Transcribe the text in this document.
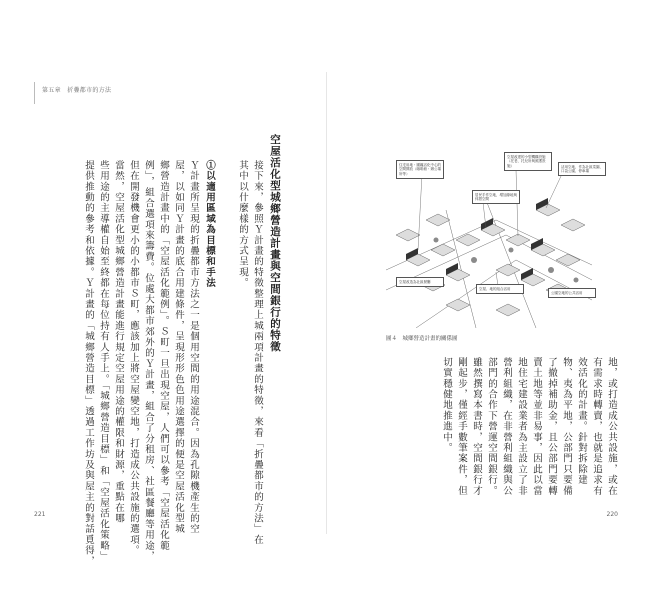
第五章　折疊都市的方法
空屋活化型城鄉營造計畫與空間銀行的特徵
接下來，參照Ｙ計畫的特徵整理上城兩項計畫的特徵，來看「折疊都市的方法」在
其中以什麼樣的方式呈現。
①以適用區域為目標和手法
Ｙ計畫所呈現的折疊都市方法之一是個用空間的用途混合。因為孔隙機產生的空
屋，以如同Ｙ計畫的底合用建條件，呈現形形色色用途選擇的便是空屋活化型城
鄉營造計畫中的「空屋活化範例」。Ｓ町一旦出現空屋，人們可以參考「空屋活化範
例」，組合選項來籌費。位處大都市郊外的Ｙ計畫，組合了分租房、社區餐廳等用途，
但在開發機會更小的小都市Ｓ町，應該加上將空屋變空地，打造成公共設施的選項。
當然，空屋活化型城鄉營造計畫能進行規定空屋用途的權限和財源，重點在哪
些用途的主導權自始至終都在每位持有人手上。「城鄉營造目標」和「空屋活化策略」
提供推動的參考和依據。Ｙ計畫的「城鄉營造目標」透過工作坊及與屋主的對話覓得，
221
住宅用地・圍籬活化中心的空間開放（咖啡館・辦公場所等）
空屋改建的小型機構設施（托老、托兒所與照護設施）	活用空地，作為社區菜園、口袋公園、停車場
居民手作空地，增加綠地與休憩空間
空屋改造為社區餐廳
空屋、地的組合活用
公園空地的公共活用
圖４　城鄉營造計畫的關係圖
地，或打造成公共設施，或在
有需求時轉賣，也就是追求有
效活化的計畫。針對拆除建
物、夷為平地，公部門只要備
了撤掉補助金，且公部門要轉
賣土地等並非易事，因此以當
地住宅建設業者為主設立了非
營利組織，在非營利組織與公
部門的合作下營運空間銀行。
雖然撰寫本書時，空間銀行才
剛起步，僅經手數筆案件，但
切實穩健地推進中。
220
